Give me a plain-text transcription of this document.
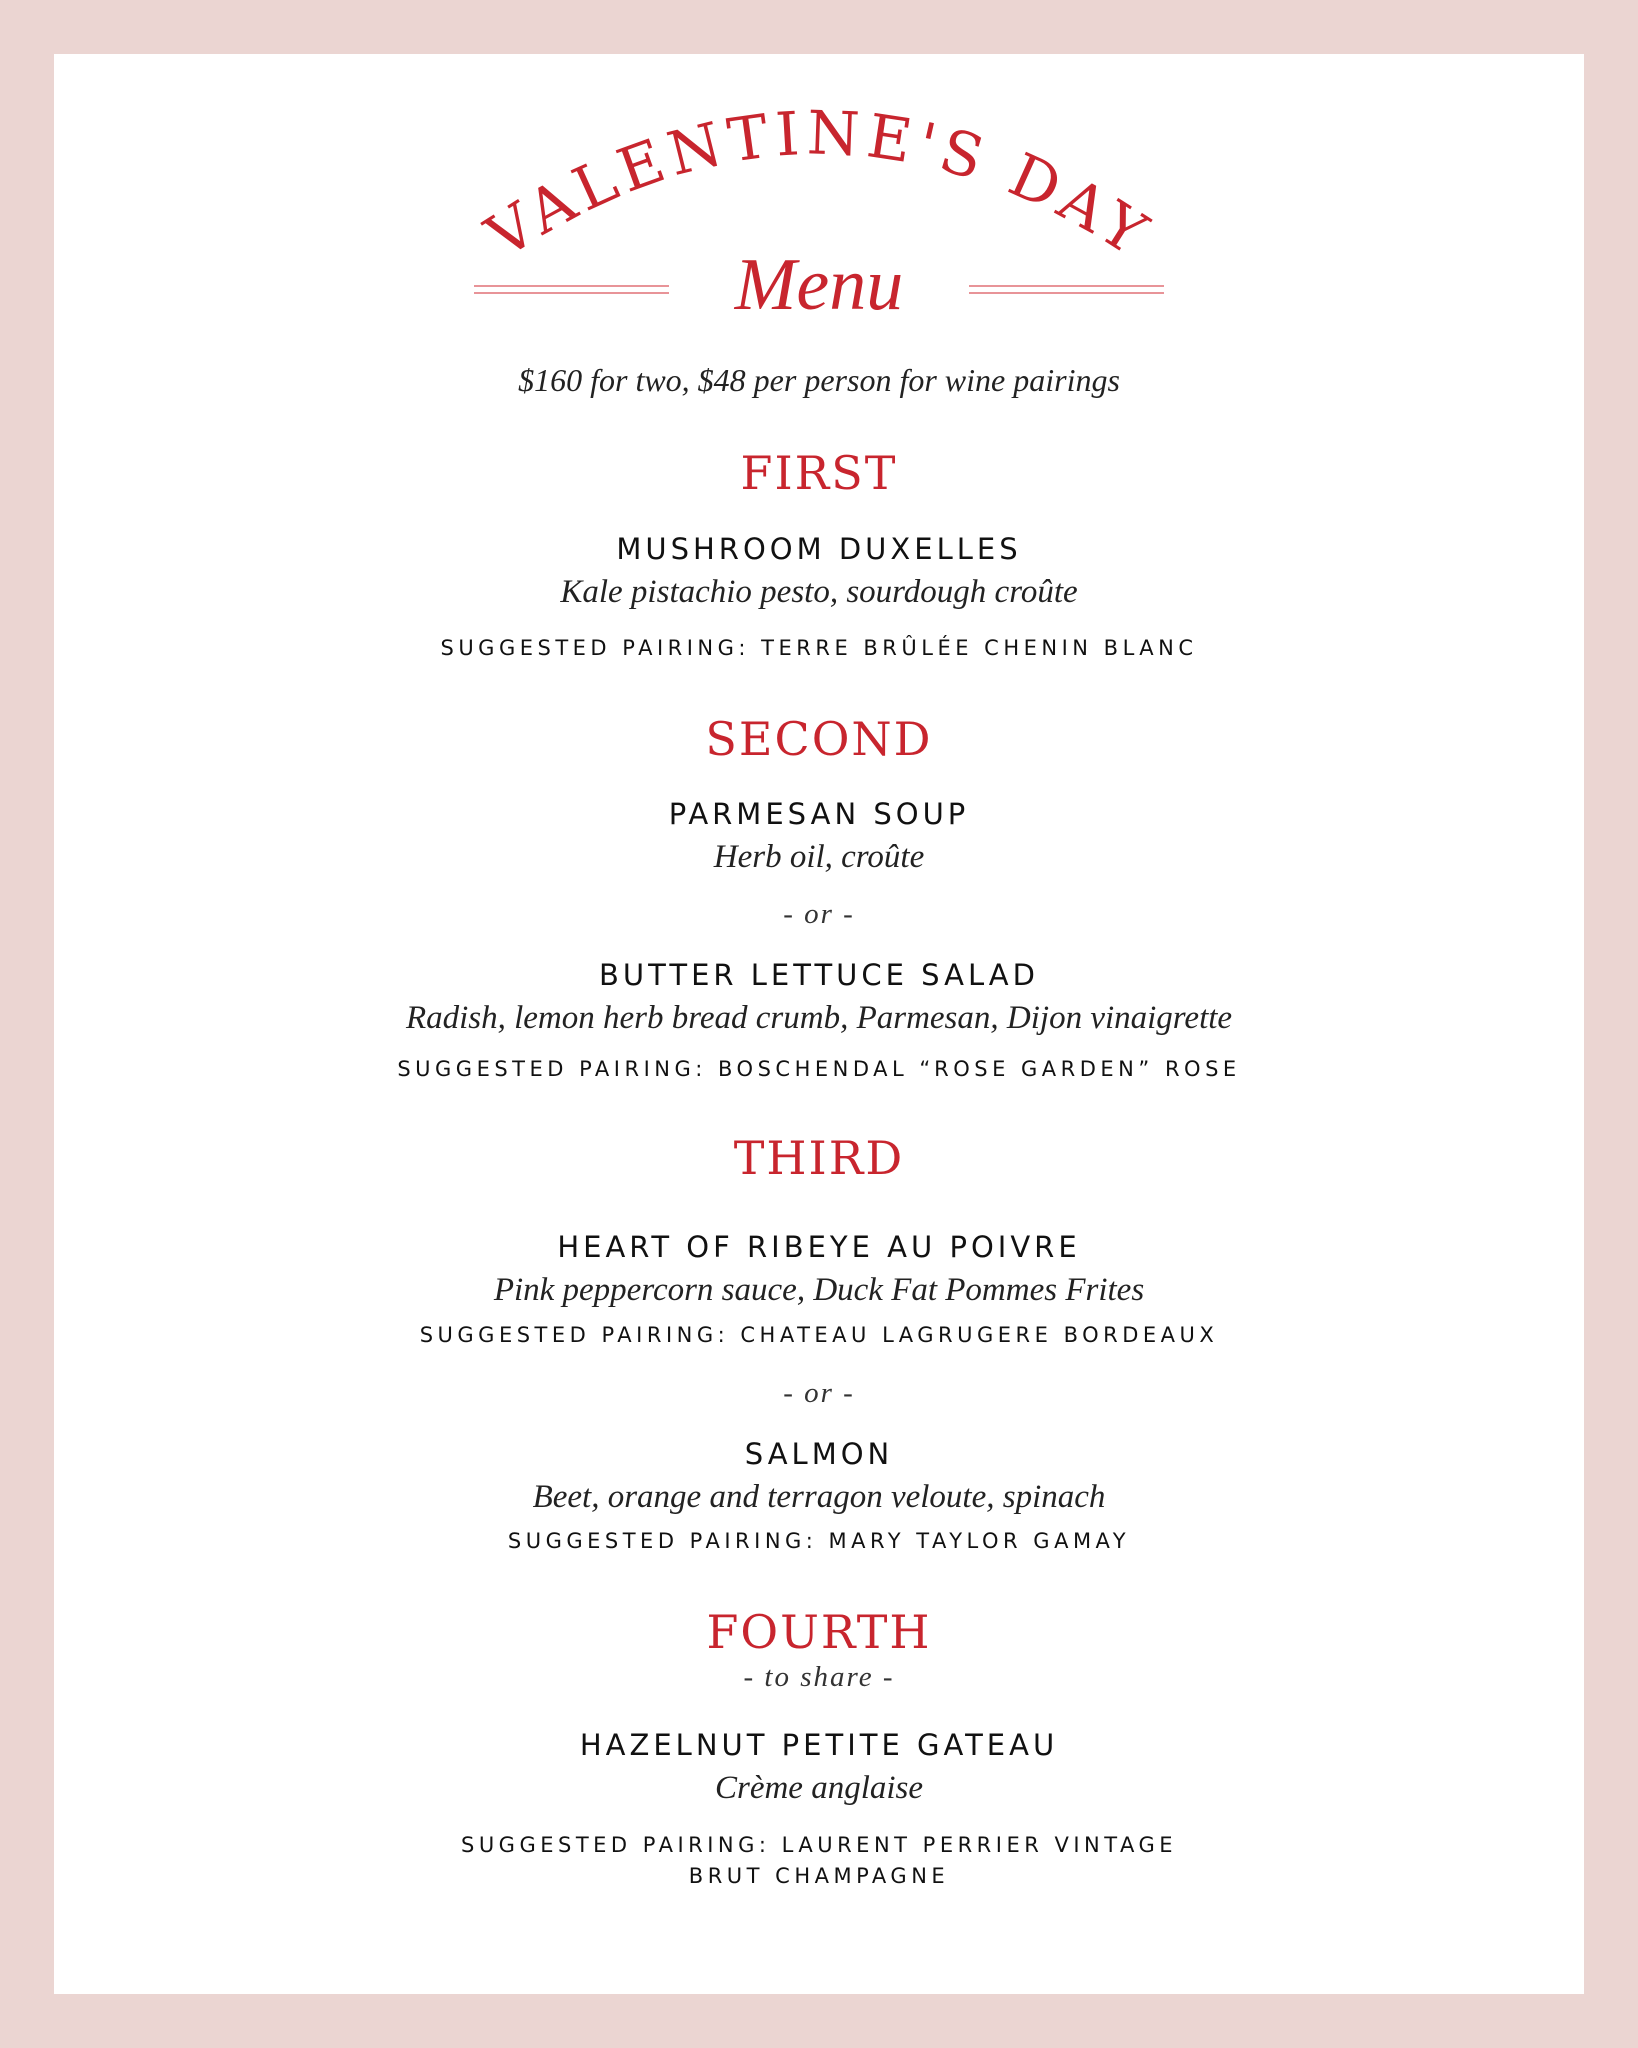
VALENTINE'S DAY
Menu

$160 for two, $48 per person for wine pairings

FIRST

MUSHROOM DUXELLES

Kale pistachio pesto, sourdough croûte

SUGGESTED PAIRING: TERRE BRÛLÉE CHENIN BLANC

SECOND

PARMESAN SOUP

Herb oil, croûte

- or -

BUTTER LETTUCE SALAD

Radish, lemon herb bread crumb, Parmesan, Dijon vinaigrette

SUGGESTED PAIRING: BOSCHENDAL “ROSE GARDEN” ROSE

THIRD

HEART OF RIBEYE AU POIVRE

Pink peppercorn sauce, Duck Fat Pommes Frites

SUGGESTED PAIRING: CHATEAU LAGRUGERE BORDEAUX

- or -

SALMON

Beet, orange and terragon veloute, spinach

SUGGESTED PAIRING: MARY TAYLOR GAMAY

FOURTH

- to share -

HAZELNUT PETITE GATEAU

Crème anglaise

SUGGESTED PAIRING: LAURENT PERRIER VINTAGE
BRUT CHAMPAGNE
